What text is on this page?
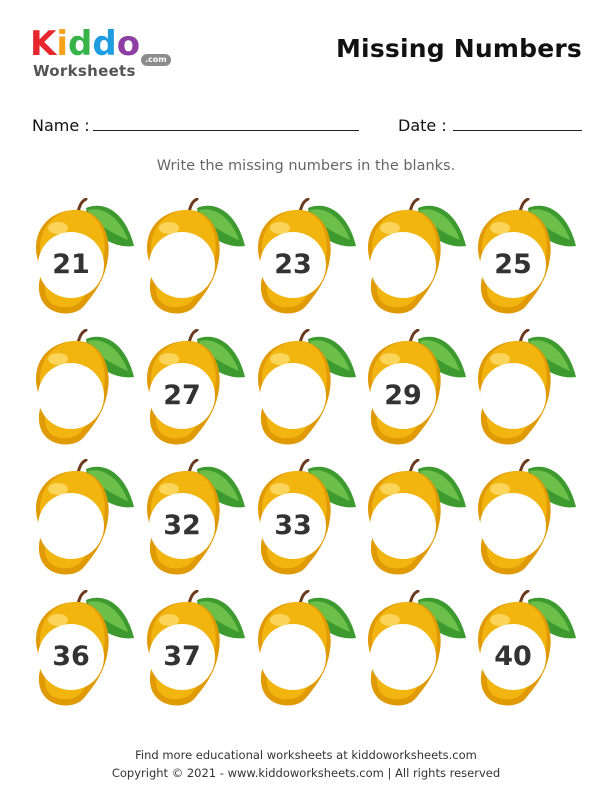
Kiddo .com
Worksheets
Missing Numbers
Name :	Date :
Write the missing numbers in the blanks.
21	23	25
27	29
32	33
36	37	40
Find more educational worksheets at kiddoworksheets.com
Copyright © 2021 - www.kiddoworksheets.com | All rights reserved
